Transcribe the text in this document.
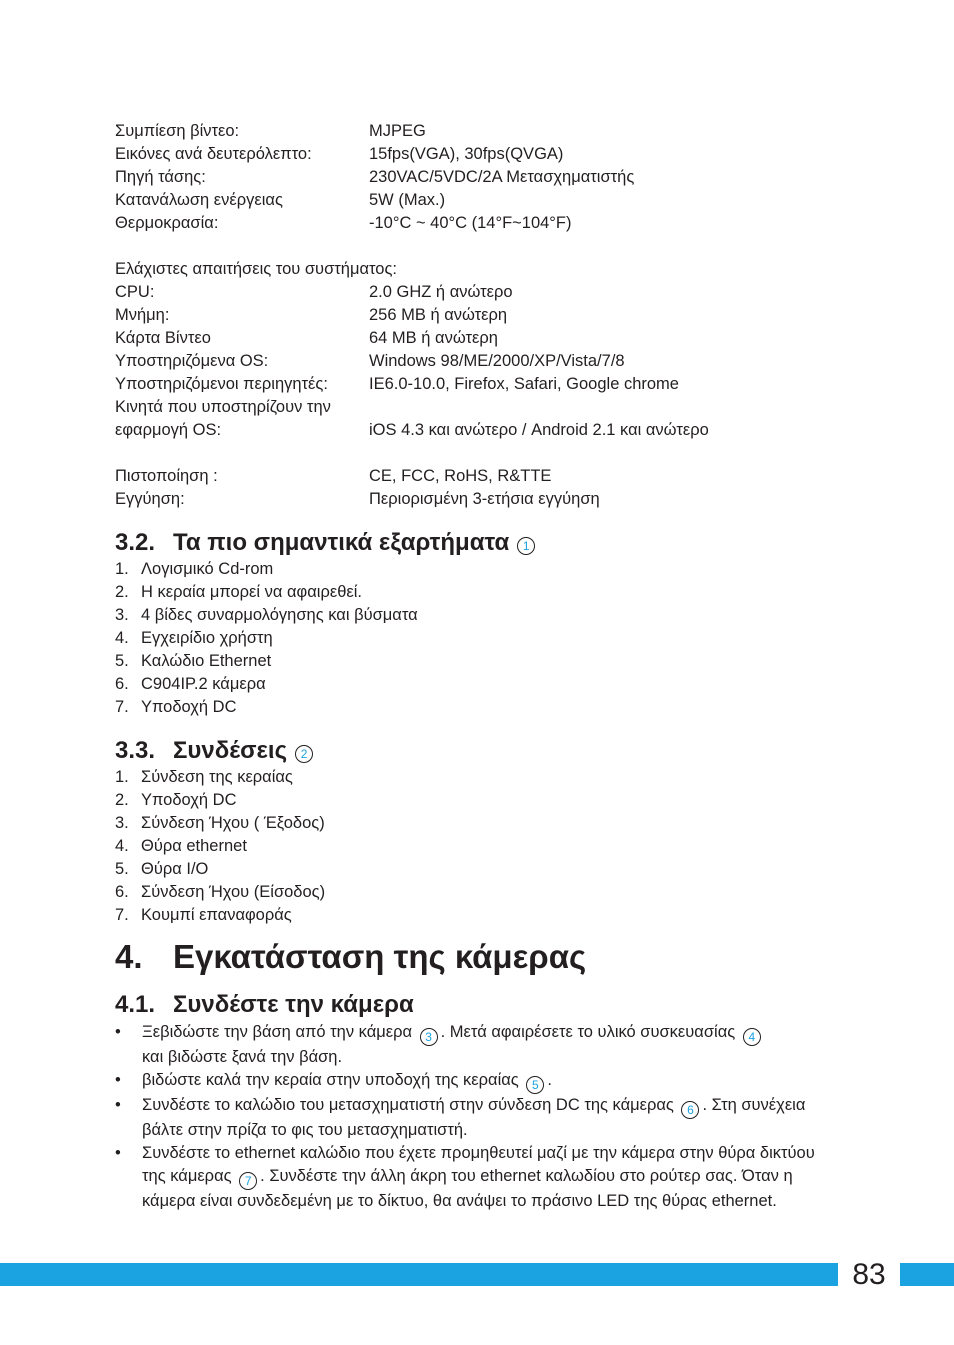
Συμπίεση βίντεο:	MJPEG
Εικόνες ανά δευτερόλεπτο:	15fps(VGA), 30fps(QVGA)
Πηγή τάσης:	230VAC/5VDC/2A Μετασχηματιστής
Κατανάλωση ενέργειας	5W (Max.)
Θερμοκρασία:	-10°C ~ 40°C (14°F~104°F)
Ελάχιστες απαιτήσεις του συστήματος:
CPU:	2.0 GHZ ή ανώτερο
Μνήμη:	256 MB ή ανώτερη
Κάρτα Βίντεο	64 MB ή ανώτερη
Υποστηριζόμενα OS:	Windows 98/ME/2000/XP/Vista/7/8
Υποστηριζόμενοι περιηγητές:	IE6.0-10.0, Firefox, Safari, Google chrome
Κινητά που υποστηρίζουν την
εφαρμογή OS:	iOS 4.3 και ανώτερο / Android 2.1 και ανώτερο
Πιστοποίηση :	CE, FCC, RoHS, R&TTE
Εγγύηση:	Περιορισμένη 3-ετήσια εγγύηση
3.2. Τα πιο σημαντικά εξαρτήματα	1
1. Λογισμικό Cd-rom
2. Η κεραία μπορεί να αφαιρεθεί.
3. 4 βίδες συναρμολόγησης και βύσματα
4. Εγχειρίδιο χρήστη
5. Καλώδιο Ethernet
6. C904IP.2 κάμερα
7. Υποδοχή DC
3.3. Συνδέσεις	2
1. Σύνδεση της κεραίας
2. Υποδοχή DC
3. Σύνδεση Ήχου ( Έξοδος)
4. Θύρα ethernet
5. Θύρα I/O
6. Σύνδεση Ήχου (Είσοδος)
7. Κουμπί επαναφοράς
4. Εγκατάσταση της κάμερας
4.1. Συνδέστε την κάμερα
•	Ξεβιδώστε την βάση από την κάμερα 3 . Μετά αφαιρέσετε το υλικό συσκευασίας 4
και βιδώστε ξανά την βάση.
•	βιδώστε καλά την κεραία στην υποδοχή της κεραίας 5 .
•	Συνδέστε το καλώδιο του μετασχηματιστή στην σύνδεση DC της κάμερας 6 . Στη συνέχεια βάλτε στην πρίζα το φις του μετασχηματιστή.
•	Συνδέστε το ethernet καλώδιο που έχετε προμηθευτεί μαζί με την κάμερα στην θύρα δικτύου της κάμερας 7 . Συνδέστε την άλλη άκρη του ethernet καλωδίου στο ρούτερ σας. Όταν η κάμερα είναι συνδεδεμένη με το δίκτυο, θα ανάψει το πράσινο LED της θύρας ethernet.
83
